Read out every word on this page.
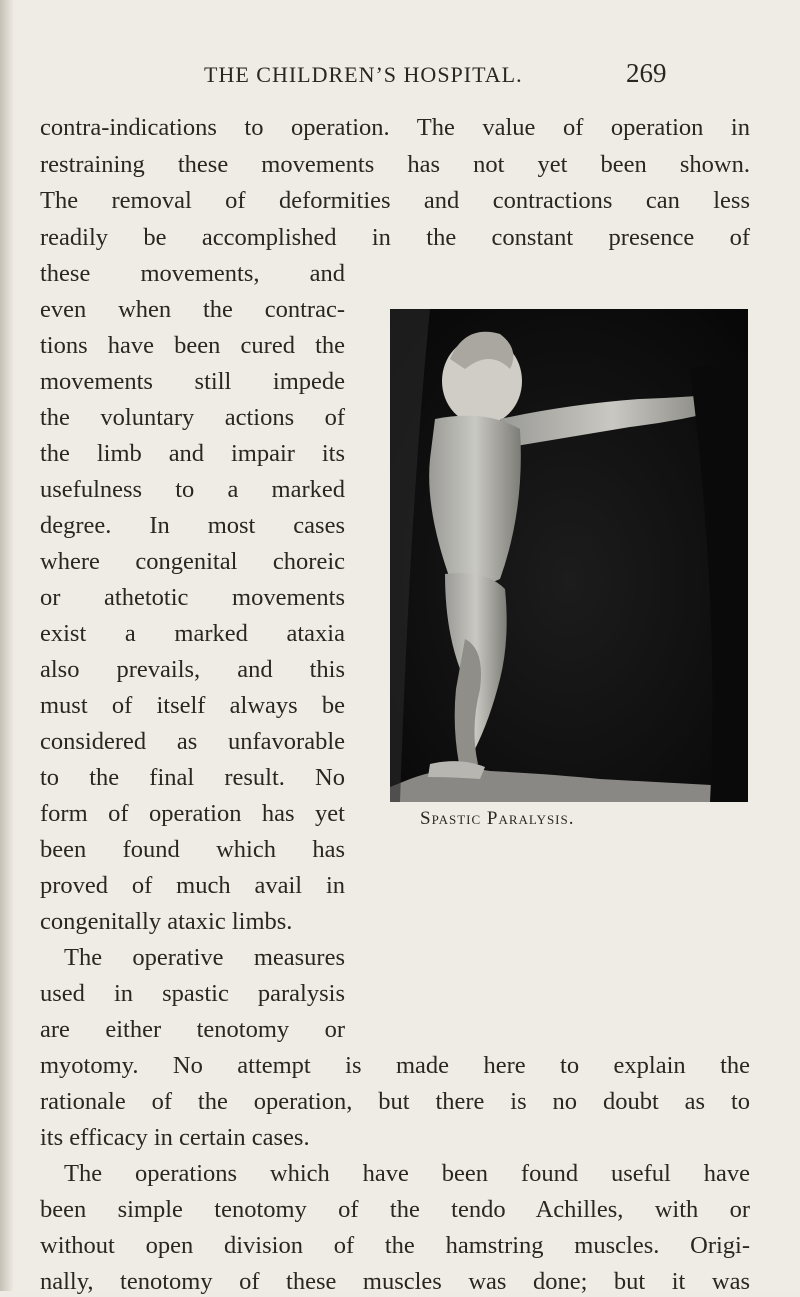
THE CHILDREN’S HOSPITAL.	269
contra-indications to operation. The value of operation in
restraining these movements has not yet been shown.
The removal of deformities and contractions can less
readily be accomplished in the constant presence of
these movements, and
even when the contrac-
tions have been cured the
movements still impede
the voluntary actions of
the limb and impair its
usefulness to a marked
degree. In most cases
where congenital choreic
or athetotic movements
exist a marked ataxia
also prevails, and this
must of itself always be
considered as unfavorable
to the final result. No
form of operation has yet
been found which has
proved of much avail in
congenitally ataxic limbs.
The operative measures
used in spastic paralysis
are either tenotomy or
myotomy. No attempt is made here to explain the
rationale of the operation, but there is no doubt as to
its efficacy in certain cases.
The operations which have been found useful have
been simple tenotomy of the tendo Achilles, with or
without open division of the hamstring muscles. Origi-
nally, tenotomy of these muscles was done; but it was
Spastic Paralysis.
